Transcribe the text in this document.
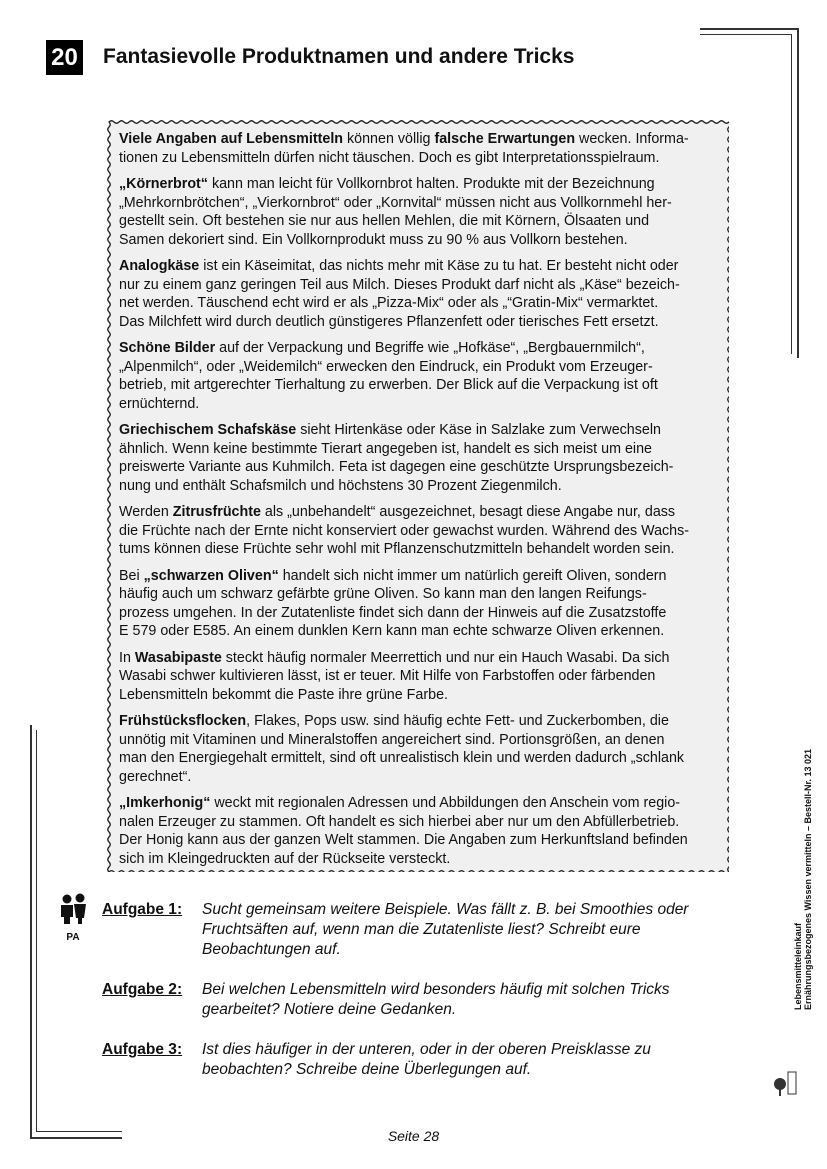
20 Fantasievolle Produktnamen und andere Tricks

Viele Angaben auf Lebensmitteln können völlig falsche Erwartungen wecken. Informa-
tionen zu Lebensmitteln dürfen nicht täuschen. Doch es gibt Interpretationsspielraum.

„Körnerbrot“ kann man leicht für Vollkornbrot halten. Produkte mit der Bezeichnung
„Mehrkornbrötchen“, „Vierkornbrot“ oder „Kornvital“ müssen nicht aus Vollkornmehl her-
gestellt sein. Oft bestehen sie nur aus hellen Mehlen, die mit Körnern, Ölsaaten und
Samen dekoriert sind. Ein Vollkornprodukt muss zu 90 % aus Vollkorn bestehen.

Analogkäse ist ein Käseimitat, das nichts mehr mit Käse zu tu hat. Er besteht nicht oder
nur zu einem ganz geringen Teil aus Milch. Dieses Produkt darf nicht als „Käse“ bezeich-
net werden. Täuschend echt wird er als „Pizza-Mix“ oder als „“Gratin-Mix“ vermarktet.
Das Milchfett wird durch deutlich günstigeres Pflanzenfett oder tierisches Fett ersetzt.

Schöne Bilder auf der Verpackung und Begriffe wie „Hofkäse“, „Bergbauernmilch“,
„Alpenmilch“, oder „Weidemilch“ erwecken den Eindruck, ein Produkt vom Erzeuger-
betrieb, mit artgerechter Tierhaltung zu erwerben. Der Blick auf die Verpackung ist oft
ernüchternd.

Griechischem Schafskäse sieht Hirtenkäse oder Käse in Salzlake zum Verwechseln
ähnlich. Wenn keine bestimmte Tierart angegeben ist, handelt es sich meist um eine
preiswerte Variante aus Kuhmilch. Feta ist dagegen eine geschützte Ursprungsbezeich-
nung und enthält Schafsmilch und höchstens 30 Prozent Ziegenmilch.

Werden Zitrusfrüchte als „unbehandelt“ ausgezeichnet, besagt diese Angabe nur, dass
die Früchte nach der Ernte nicht konserviert oder gewachst wurden. Während des Wachs-
tums können diese Früchte sehr wohl mit Pflanzenschutzmitteln behandelt worden sein.

Bei „schwarzen Oliven“ handelt sich nicht immer um natürlich gereift Oliven, sondern
häufig auch um schwarz gefärbte grüne Oliven. So kann man den langen Reifungs-
prozess umgehen. In der Zutatenliste findet sich dann der Hinweis auf die Zusatzstoffe
E 579 oder E585. An einem dunklen Kern kann man echte schwarze Oliven erkennen.

In Wasabipaste steckt häufig normaler Meerrettich und nur ein Hauch Wasabi. Da sich
Wasabi schwer kultivieren lässt, ist er teuer. Mit Hilfe von Farbstoffen oder färbenden
Lebensmitteln bekommt die Paste ihre grüne Farbe.

Frühstücksflocken, Flakes, Pops usw. sind häufig echte Fett- und Zuckerbomben, die
unnötig mit Vitaminen und Mineralstoffen angereichert sind. Portionsgrößen, an denen
man den Energiegehalt ermittelt, sind oft unrealistisch klein und werden dadurch „schlank
gerechnet“.

„Imkerhonig“ weckt mit regionalen Adressen und Abbildungen den Anschein vom regio-
nalen Erzeuger zu stammen. Oft handelt es sich hierbei aber nur um den Abfüllerbetrieb.
Der Honig kann aus der ganzen Welt stammen. Die Angaben zum Herkunftsland befinden
sich im Kleingedruckten auf der Rückseite versteckt.

PA
Aufgabe 1:	Sucht gemeinsam weitere Beispiele. Was fällt z. B. bei Smoothies oder Fruchtsäften auf, wenn man die Zutatenliste liest? Schreibt eure Beobachtungen auf.
Aufgabe 2:	Bei welchen Lebensmitteln wird besonders häufig mit solchen Tricks gearbeitet? Notiere deine Gedanken.
Aufgabe 3:	Ist dies häufiger in der unteren, oder in der oberen Preisklasse zu beobachten? Schreibe deine Überlegungen auf.
Seite 28
Lebensmitteleinkauf Ernährungsbezogenes Wissen vermitteln – Bestell-Nr. 13 021
